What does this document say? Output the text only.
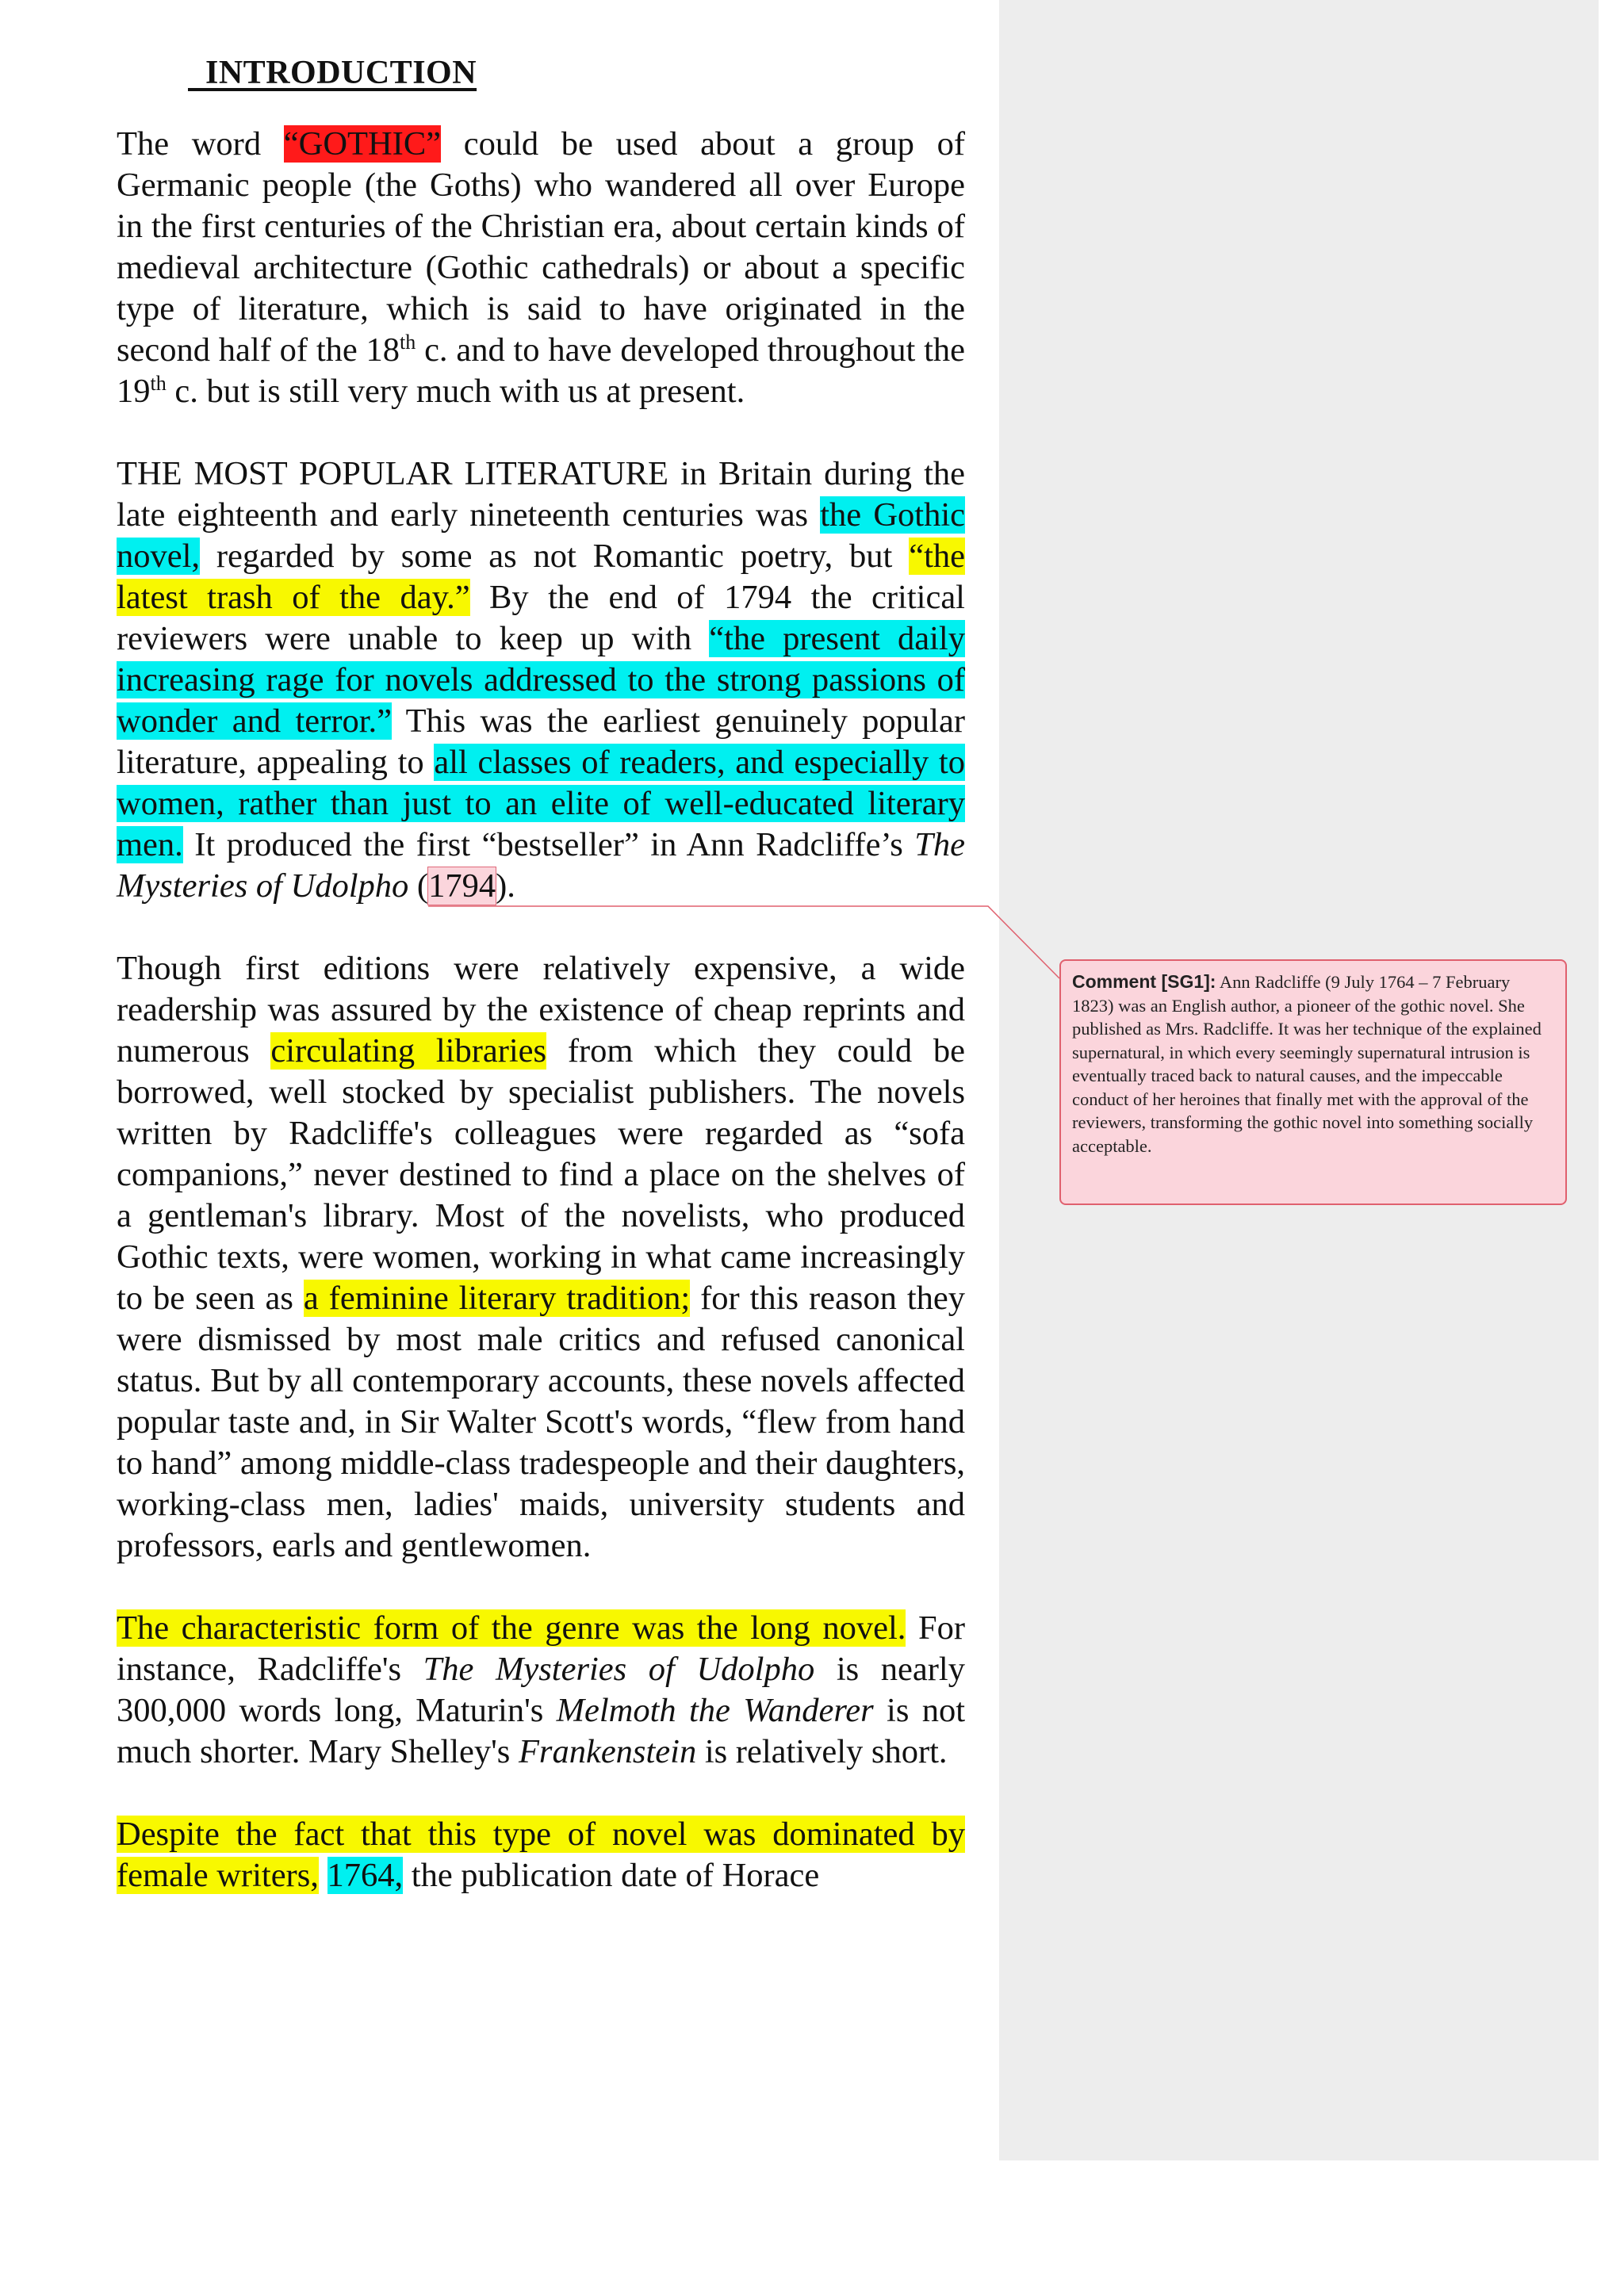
INTRODUCTION

The word “GOTHIC” could be used about a group of Germanic people (the Goths) who wandered all over Europe in the first centuries of the Christian era, about certain kinds of medieval architecture (Gothic cathedrals) or about a specific type of literature, which is said to have originated in the second half of the 18th c. and to have developed throughout the 19th c. but is still very much with us at present.

THE MOST POPULAR LITERATURE in Britain during the late eighteenth and early nineteenth centuries was the Gothic novel, regarded by some as not Romantic poetry, but “the latest trash of the day.” By the end of 1794 the critical reviewers were unable to keep up with “the present daily increasing rage for novels addressed to the strong passions of wonder and terror.” This was the earliest genuinely popular literature, appealing to all classes of readers, and especially to women, rather than just to an elite of well-educated literary men. It produced the first “bestseller” in Ann Radcliffe’s The Mysteries of Udolpho (1794).

Though first editions were relatively expensive, a wide readership was assured by the existence of cheap reprints and numerous circulating libraries from which they could be borrowed, well stocked by specialist publishers. The novels written by Radcliffe's colleagues were regarded as “sofa companions,” never destined to find a place on the shelves of a gentleman's library. Most of the novelists, who produced Gothic texts, were women, working in what came increasingly to be seen as a feminine literary tradition; for this reason they were dismissed by most male critics and refused canonical status. But by all contemporary accounts, these novels affected popular taste and, in Sir Walter Scott's words, “flew from hand to hand” among middle-class tradespeople and their daughters, working-class men, ladies' maids, university students and professors, earls and gentlewomen.

The characteristic form of the genre was the long novel. For instance, Radcliffe's The Mysteries of Udolpho is nearly 300,000 words long, Maturin's Melmoth the Wanderer is not much shorter. Mary Shelley's Frankenstein is relatively short.

Despite the fact that this type of novel was dominated by female writers, 1764, the publication date of Horace

Comment [SG1]: Ann Radcliffe (9 July 1764 – 7 February 1823) was an English author, a pioneer of the gothic novel. She published as Mrs. Radcliffe. It was her technique of the explained supernatural, in which every seemingly supernatural intrusion is eventually traced back to natural causes, and the impeccable conduct of her heroines that finally met with the approval of the reviewers, transforming the gothic novel into something socially acceptable.
